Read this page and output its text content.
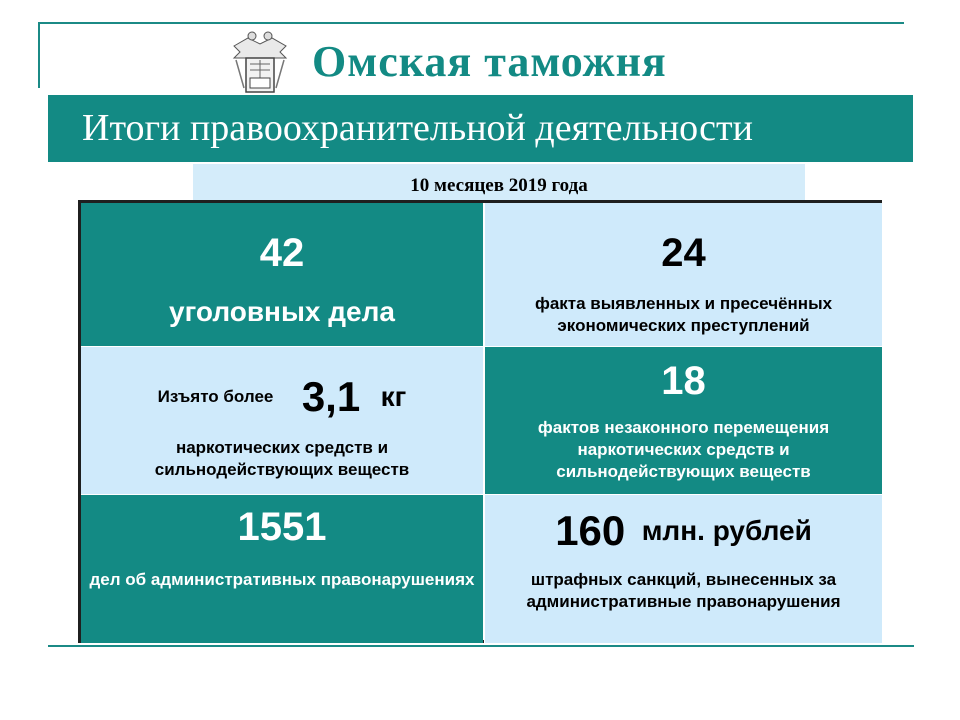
Омская таможня
Итоги правоохранительной деятельности
10 месяцев 2019 года
42
уголовных дела
24
факта выявленных и пресечённых экономических преступлений
Изъято более 3,1 кг
наркотических средств и сильнодействующих веществ
18
фактов незаконного перемещения наркотических средств и сильнодействующих веществ
1551
дел об административных правонарушениях
160 млн. рублей
штрафных санкций, вынесенных за административные правонарушения
